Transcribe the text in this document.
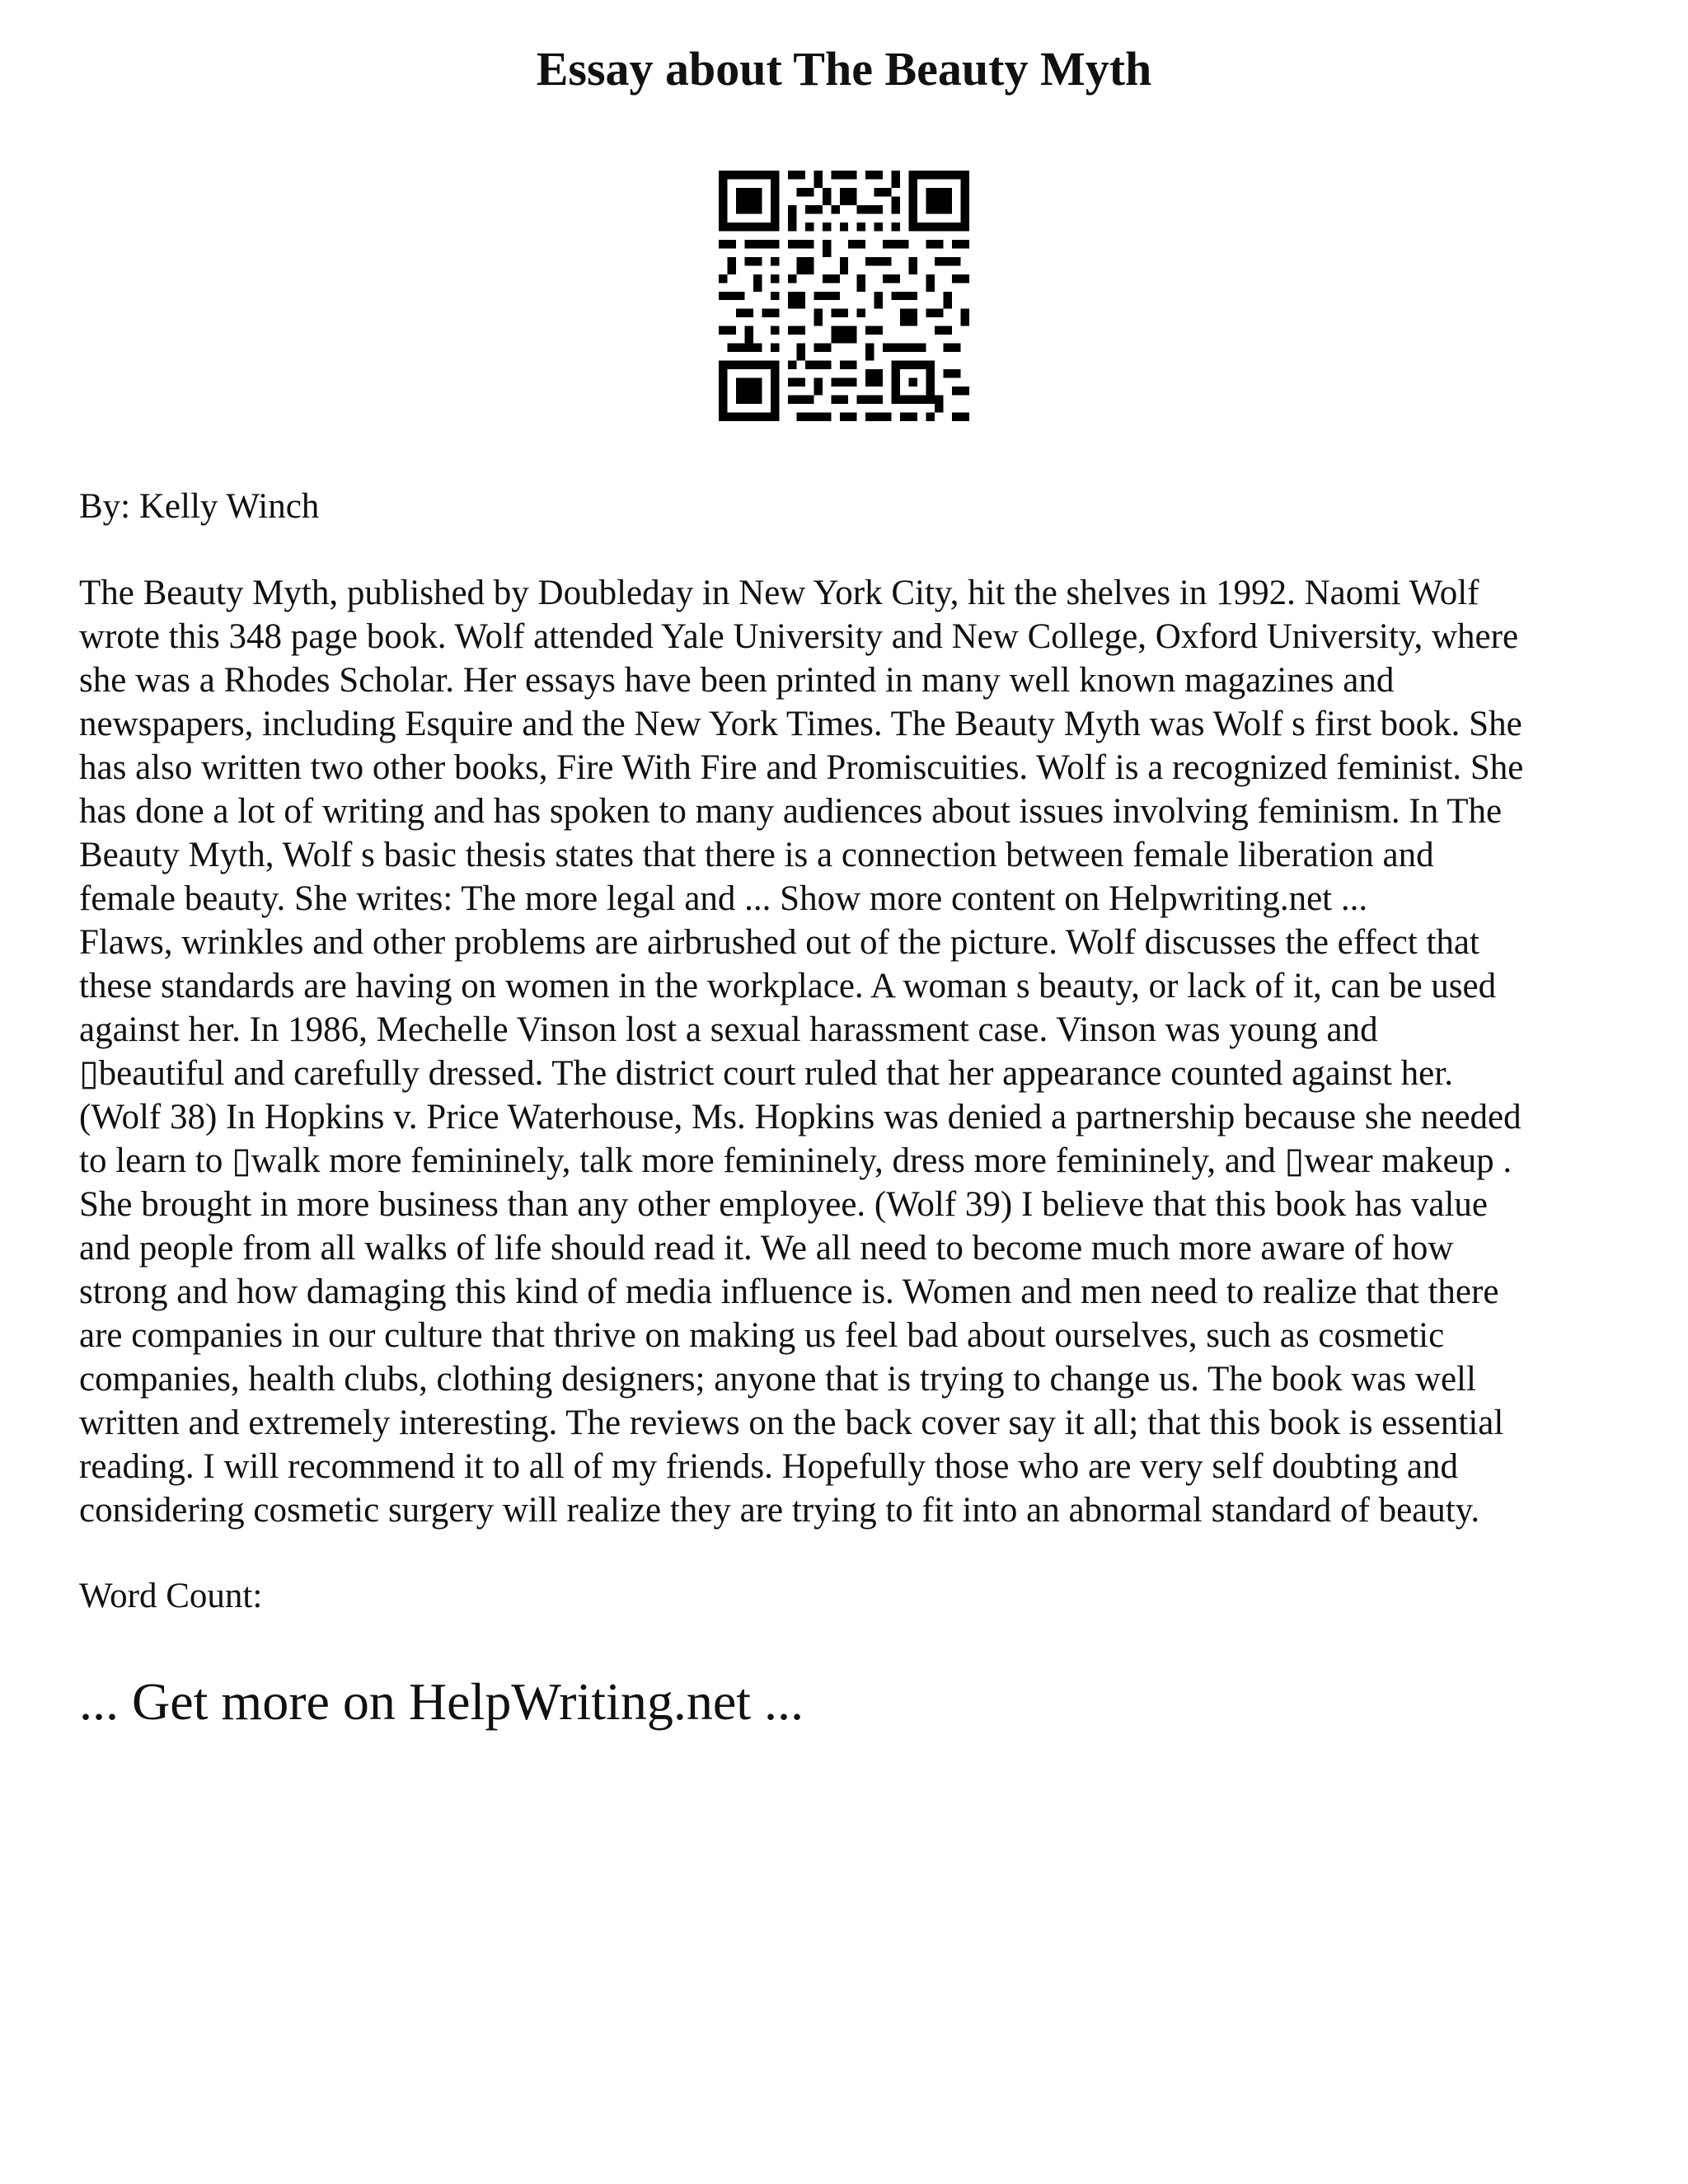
Essay about The Beauty Myth

By: Kelly Winch

The Beauty Myth, published by Doubleday in New York City, hit the shelves in 1992. Naomi Wolf
wrote this 348 page book. Wolf attended Yale University and New College, Oxford University, where
she was a Rhodes Scholar. Her essays have been printed in many well known magazines and
newspapers, including Esquire and the New York Times. The Beauty Myth was Wolf s first book. She
has also written two other books, Fire With Fire and Promiscuities. Wolf is a recognized feminist. She
has done a lot of writing and has spoken to many audiences about issues involving feminism. In The
Beauty Myth, Wolf s basic thesis states that there is a connection between female liberation and
female beauty. She writes: The more legal and ... Show more content on Helpwriting.net ...
Flaws, wrinkles and other problems are airbrushed out of the picture. Wolf discusses the effect that
these standards are having on women in the workplace. A woman s beauty, or lack of it, can be used
against her. In 1986, Mechelle Vinson lost a sexual harassment case. Vinson was young and
▯beautiful and carefully dressed. The district court ruled that her appearance counted against her.
(Wolf 38) In Hopkins v. Price Waterhouse, Ms. Hopkins was denied a partnership because she needed
to learn to ▯walk more femininely, talk more femininely, dress more femininely, and ▯wear makeup .
She brought in more business than any other employee. (Wolf 39) I believe that this book has value
and people from all walks of life should read it. We all need to become much more aware of how
strong and how damaging this kind of media influence is. Women and men need to realize that there
are companies in our culture that thrive on making us feel bad about ourselves, such as cosmetic
companies, health clubs, clothing designers; anyone that is trying to change us. The book was well
written and extremely interesting. The reviews on the back cover say it all; that this book is essential
reading. I will recommend it to all of my friends. Hopefully those who are very self doubting and
considering cosmetic surgery will realize they are trying to fit into an abnormal standard of beauty.

Word Count:

... Get more on HelpWriting.net ...
